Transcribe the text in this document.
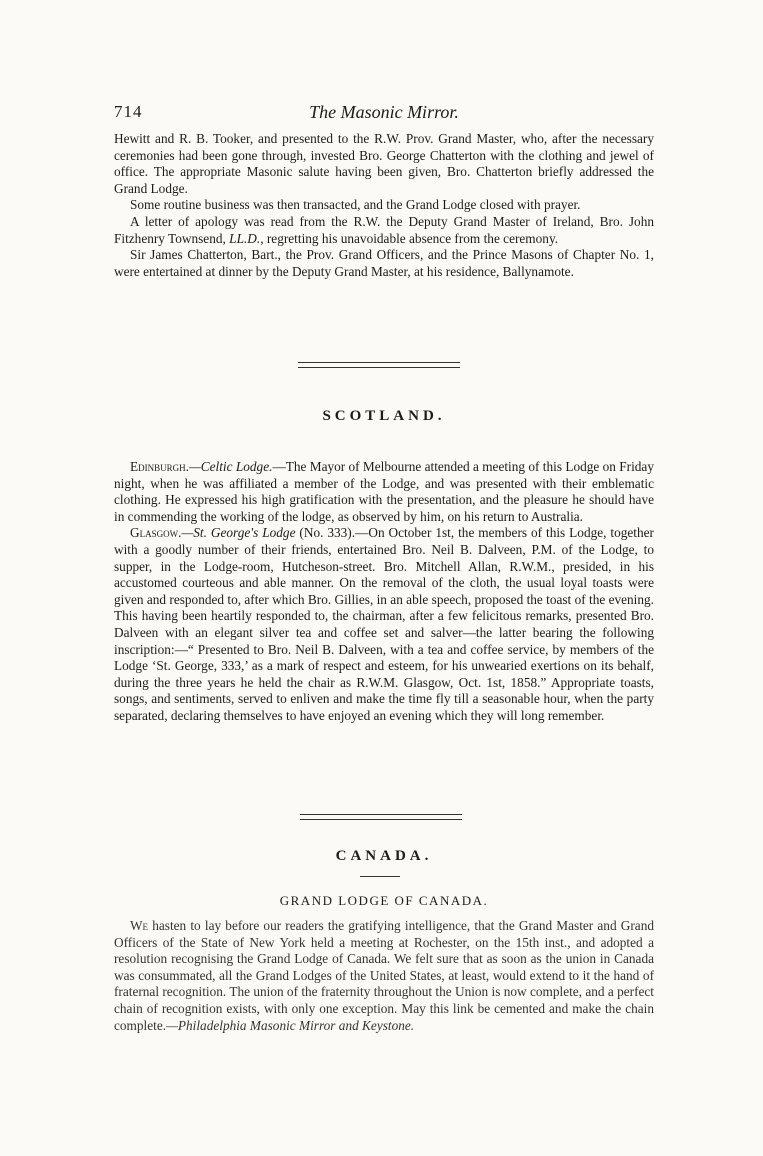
714	The Masonic Mirror.

Hewitt and R. B. Tooker, and presented to the R.W. Prov. Grand Master, who, after the necessary ceremonies had been gone through, invested Bro. George Chatterton with the clothing and jewel of office. The appropriate Masonic salute having been given, Bro. Chatterton briefly addressed the Grand Lodge.

Some routine business was then transacted, and the Grand Lodge closed with prayer.

A letter of apology was read from the R.W. the Deputy Grand Master of Ireland, Bro. John Fitzhenry Townsend, LL.D., regretting his unavoidable absence from the ceremony.

Sir James Chatterton, Bart., the Prov. Grand Officers, and the Prince Masons of Chapter No. 1, were entertained at dinner by the Deputy Grand Master, at his residence, Ballynamote.

SCOTLAND.

Edinburgh.—Celtic Lodge.—The Mayor of Melbourne attended a meeting of this Lodge on Friday night, when he was affiliated a member of the Lodge, and was presented with their emblematic clothing. He expressed his high gratification with the presentation, and the pleasure he should have in commending the working of the lodge, as observed by him, on his return to Australia.

Glasgow.—St. George's Lodge (No. 333).—On October 1st, the members of this Lodge, together with a goodly number of their friends, entertained Bro. Neil B. Dalveen, P.M. of the Lodge, to supper, in the Lodge-room, Hutcheson-street. Bro. Mitchell Allan, R.W.M., presided, in his accustomed courteous and able manner. On the removal of the cloth, the usual loyal toasts were given and responded to, after which Bro. Gillies, in an able speech, proposed the toast of the evening. This having been heartily responded to, the chairman, after a few felicitous remarks, presented Bro. Dalveen with an elegant silver tea and coffee set and salver—the latter bearing the following inscription:—“ Presented to Bro. Neil B. Dalveen, with a tea and coffee service, by members of the Lodge ‘St. George, 333,’ as a mark of respect and esteem, for his unwearied exertions on its behalf, during the three years he held the chair as R.W.M. Glasgow, Oct. 1st, 1858.” Appropriate toasts, songs, and sentiments, served to enliven and make the time fly till a seasonable hour, when the party separated, declaring themselves to have enjoyed an evening which they will long remember.

CANADA.
GRAND LODGE OF CANADA.

We hasten to lay before our readers the gratifying intelligence, that the Grand Master and Grand Officers of the State of New York held a meeting at Rochester, on the 15th inst., and adopted a resolution recognising the Grand Lodge of Canada. We felt sure that as soon as the union in Canada was consummated, all the Grand Lodges of the United States, at least, would extend to it the hand of fraternal recognition. The union of the fraternity throughout the Union is now complete, and a perfect chain of recognition exists, with only one exception. May this link be cemented and make the chain complete.—Philadelphia Masonic Mirror and Keystone.
